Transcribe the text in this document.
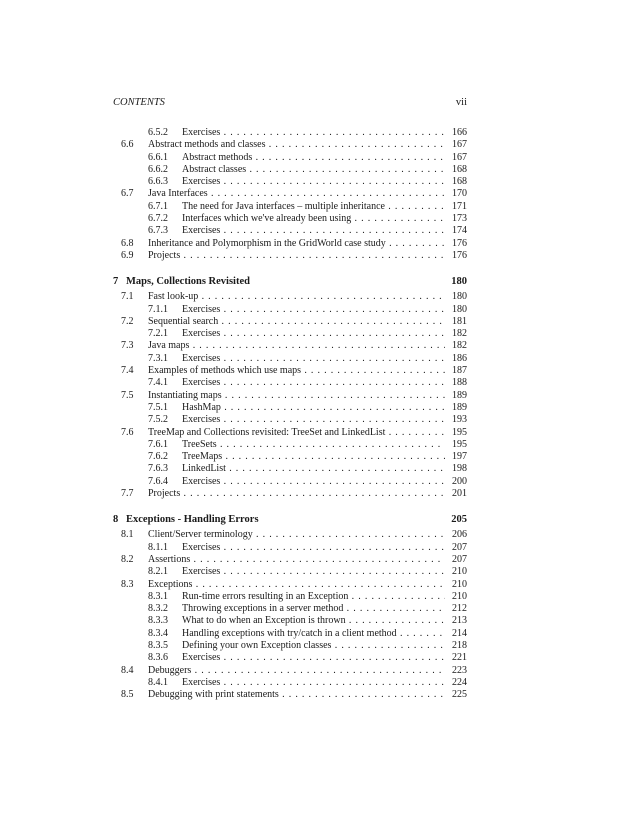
CONTENTS	vii
6.5.2 Exercises . . .	166
6.6 Abstract methods and classes . . .	167
6.6.1 Abstract methods . . .	167
6.6.2 Abstract classes . . .	168
6.6.3 Exercises . . .	168
6.7 Java Interfaces . . .	170
6.7.1 The need for Java interfaces – multiple inheritance . . .	171
6.7.2 Interfaces which we've already been using . . .	173
6.7.3 Exercises . . .	174
6.8 Inheritance and Polymorphism in the GridWorld case study . . .	176
6.9 Projects . . .	176
7 Maps, Collections Revisited	180
7.1 Fast look-up . . .	180
7.1.1 Exercises . . .	180
7.2 Sequential search . . .	181
7.2.1 Exercises . . .	182
7.3 Java maps . . .	182
7.3.1 Exercises . . .	186
7.4 Examples of methods which use maps . . .	187
7.4.1 Exercises . . .	188
7.5 Instantiating maps . . .	189
7.5.1 HashMap . . .	189
7.5.2 Exercises . . .	193
7.6 TreeMap and Collections revisited: TreeSet and LinkedList . . .	195
7.6.1 TreeSets . . .	195
7.6.2 TreeMaps . . .	197
7.6.3 LinkedList . . .	198
7.6.4 Exercises . . .	200
7.7 Projects . . .	201
8 Exceptions - Handling Errors	205
8.1 Client/Server terminology . . .	206
8.1.1 Exercises . . .	207
8.2 Assertions . . .	207
8.2.1 Exercises . . .	210
8.3 Exceptions . . .	210
8.3.1 Run-time errors resulting in an Exception . . .	210
8.3.2 Throwing exceptions in a server method . . .	212
8.3.3 What to do when an Exception is thrown . . .	213
8.3.4 Handling exceptions with try/catch in a client method . . .	214
8.3.5 Defining your own Exception classes . . .	218
8.3.6 Exercises . . .	221
8.4 Debuggers . . .	223
8.4.1 Exercises . . .	224
8.5 Debugging with print statements . . .	225
